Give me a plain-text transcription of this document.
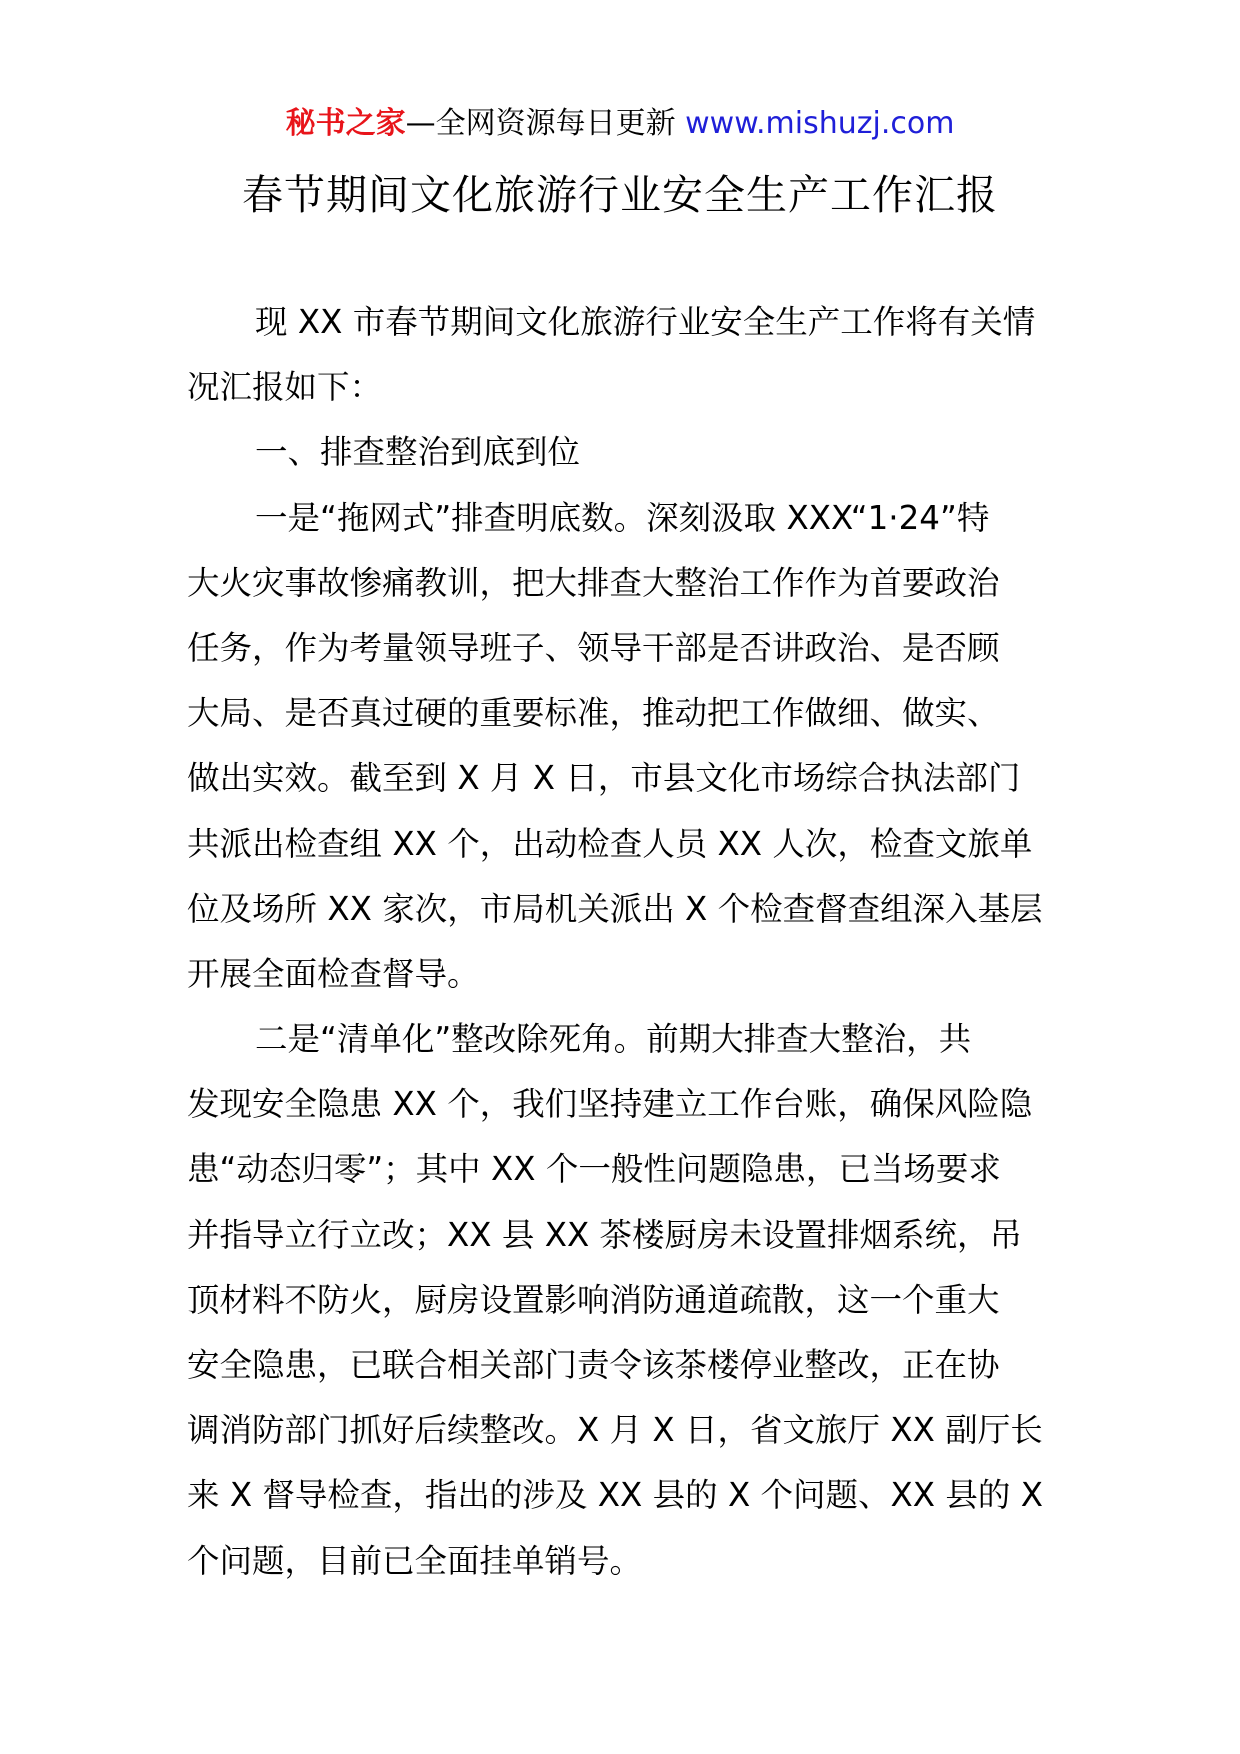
秘书之家—全网资源每日更新 www.mishuzj.com
春节期间文化旅游行业安全生产工作汇报
现 XX 市春节期间文化旅游行业安全生产工作将有关情
况汇报如下：
一、排查整治到底到位
一是“拖网式”排查明底数。深刻汲取 XXX“1·24”特
大火灾事故惨痛教训，把大排查大整治工作作为首要政治
任务，作为考量领导班子、领导干部是否讲政治、是否顾
大局、是否真过硬的重要标准，推动把工作做细、做实、
做出实效。截至到 X 月 X 日，市县文化市场综合执法部门
共派出检查组 XX 个，出动检查人员 XX 人次，检查文旅单
位及场所 XX 家次，市局机关派出 X 个检查督查组深入基层
开展全面检查督导。
二是“清单化”整改除死角。前期大排查大整治，共
发现安全隐患 XX 个，我们坚持建立工作台账，确保风险隐
患“动态归零”；其中 XX 个一般性问题隐患，已当场要求
并指导立行立改；XX 县 XX 茶楼厨房未设置排烟系统，吊
顶材料不防火，厨房设置影响消防通道疏散，这一个重大
安全隐患，已联合相关部门责令该茶楼停业整改，正在协
调消防部门抓好后续整改。X 月 X 日，省文旅厅 XX 副厅长
来 X 督导检查，指出的涉及 XX 县的 X 个问题、XX 县的 X
个问题，目前已全面挂单销号。
